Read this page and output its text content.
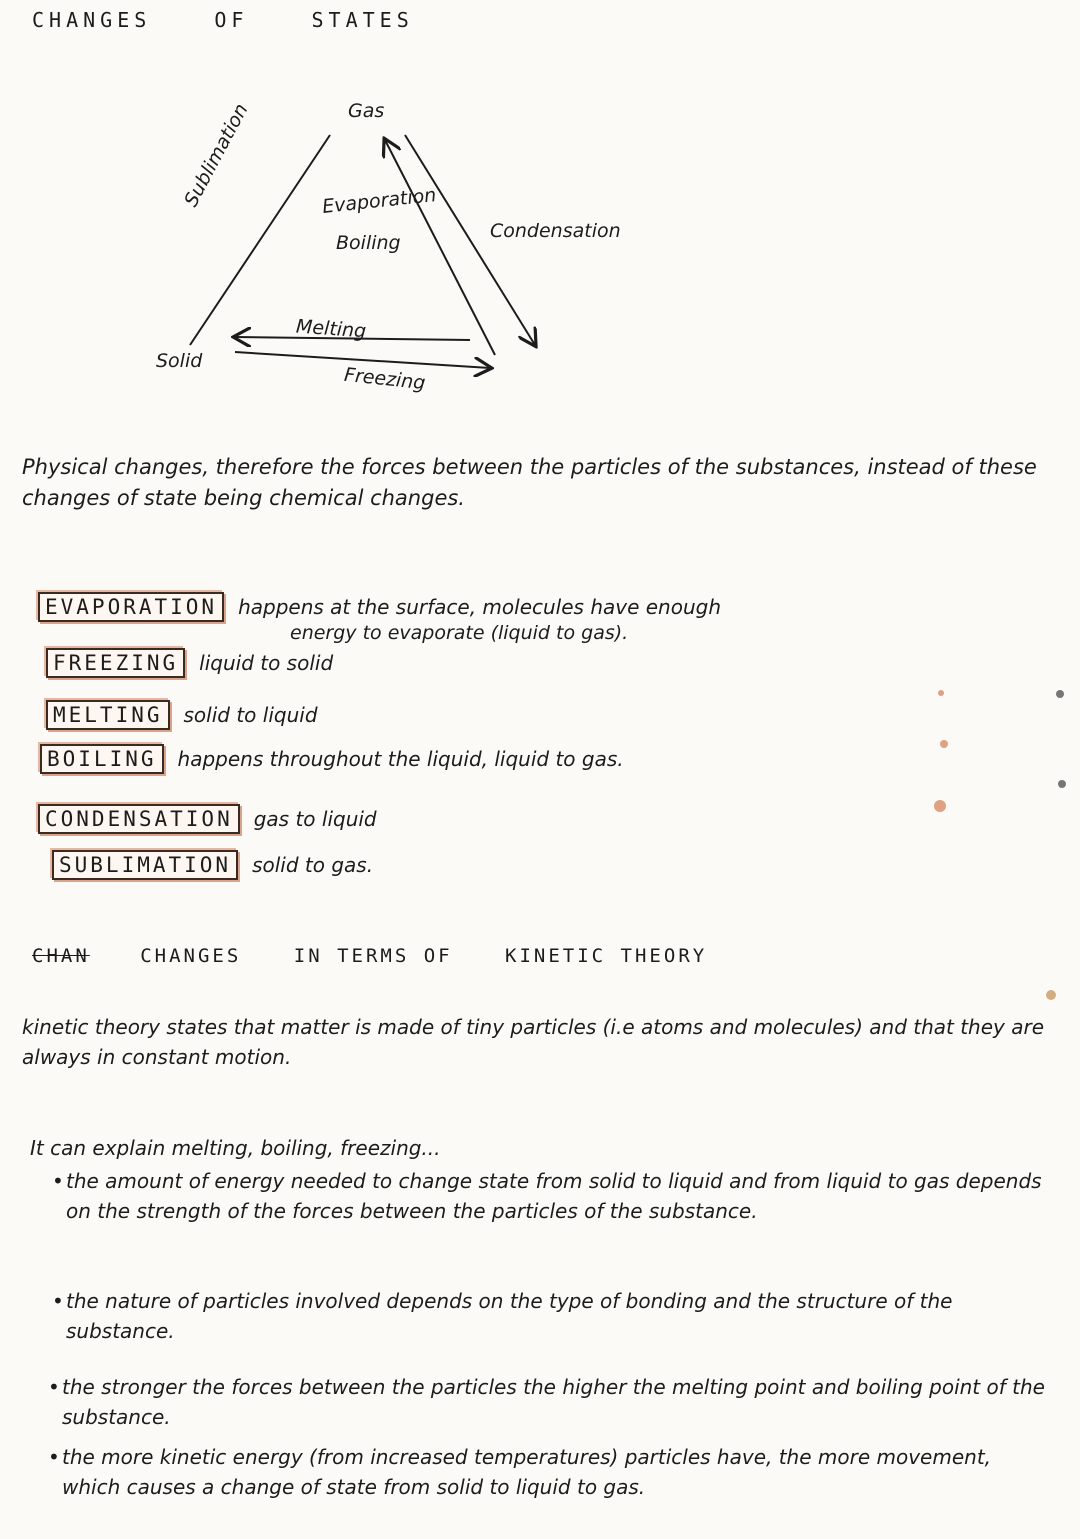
CHANGES	OF	STATES
Gas
Solid
Evaporation
Boiling
Condensation
Sublimation
Melting
Freezing
Physical changes, therefore the forces between the particles of the substances, instead of these changes of state being chemical changes.
EVAPORATION	happens at the surface, molecules have enough
energy to evaporate (liquid to gas).
FREEZING	liquid to solid
MELTING	solid to liquid
BOILING	happens throughout the liquid, liquid to gas.
CONDENSATION	gas to liquid
SUBLIMATION	solid to gas.
CHAN	CHANGES	IN TERMS OF	KINETIC THEORY
kinetic theory states that matter is made of tiny particles (i.e atoms and molecules) and that they are always in constant motion.
It can explain melting, boiling, freezing...
• the amount of energy needed to change state from solid to liquid and from liquid to gas depends on the strength of the forces between the particles of the substance.
• the nature of particles involved depends on the type of bonding and the structure of the substance.
• the stronger the forces between the particles the higher the melting point and boiling point of the substance.
• the more kinetic energy (from increased temperatures) particles have, the more movement, which causes a change of state from solid to liquid to gas.
